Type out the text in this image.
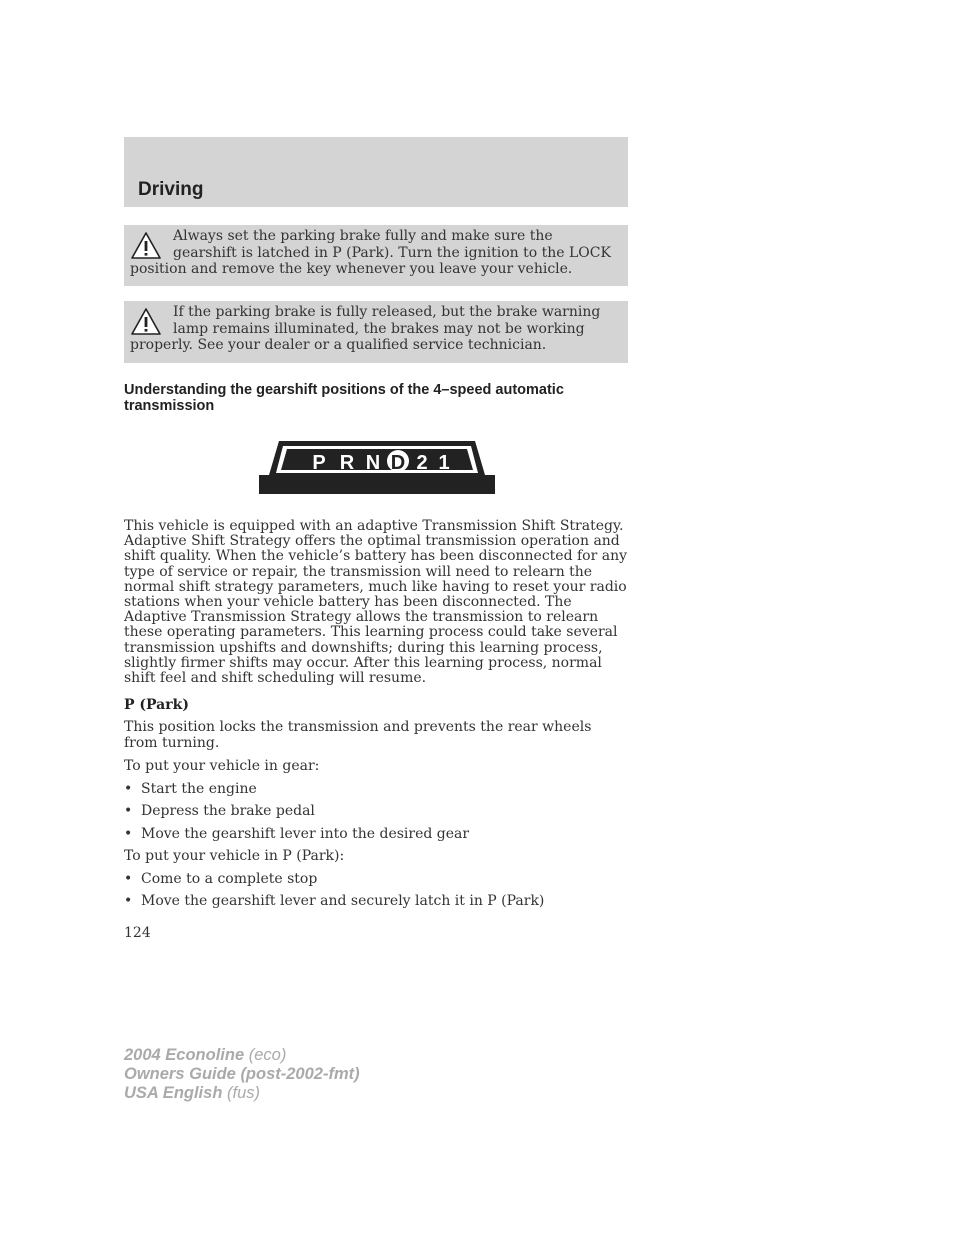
Driving
Always set the parking brake fully and make sure the gearshift is latched in P (Park). Turn the ignition to the LOCK position and remove the key whenever you leave your vehicle.
If the parking brake is fully released, but the brake warning lamp remains illuminated, the brakes may not be working properly. See your dealer or a qualified service technician.
Understanding the gearshift positions of the 4–speed automatic transmission
P R N D 2 1
This vehicle is equipped with an adaptive Transmission Shift Strategy. Adaptive Shift Strategy offers the optimal transmission operation and shift quality. When the vehicle’s battery has been disconnected for any type of service or repair, the transmission will need to relearn the normal shift strategy parameters, much like having to reset your radio stations when your vehicle battery has been disconnected. The Adaptive Transmission Strategy allows the transmission to relearn these operating parameters. This learning process could take several transmission upshifts and downshifts; during this learning process, slightly firmer shifts may occur. After this learning process, normal shift feel and shift scheduling will resume.
P (Park)
This position locks the transmission and prevents the rear wheels from turning.
To put your vehicle in gear:
• Start the engine
• Depress the brake pedal
• Move the gearshift lever into the desired gear
To put your vehicle in P (Park):
• Come to a complete stop
• Move the gearshift lever and securely latch it in P (Park)
124
2004 Econoline (eco)
Owners Guide (post-2002-fmt)
USA English (fus)
